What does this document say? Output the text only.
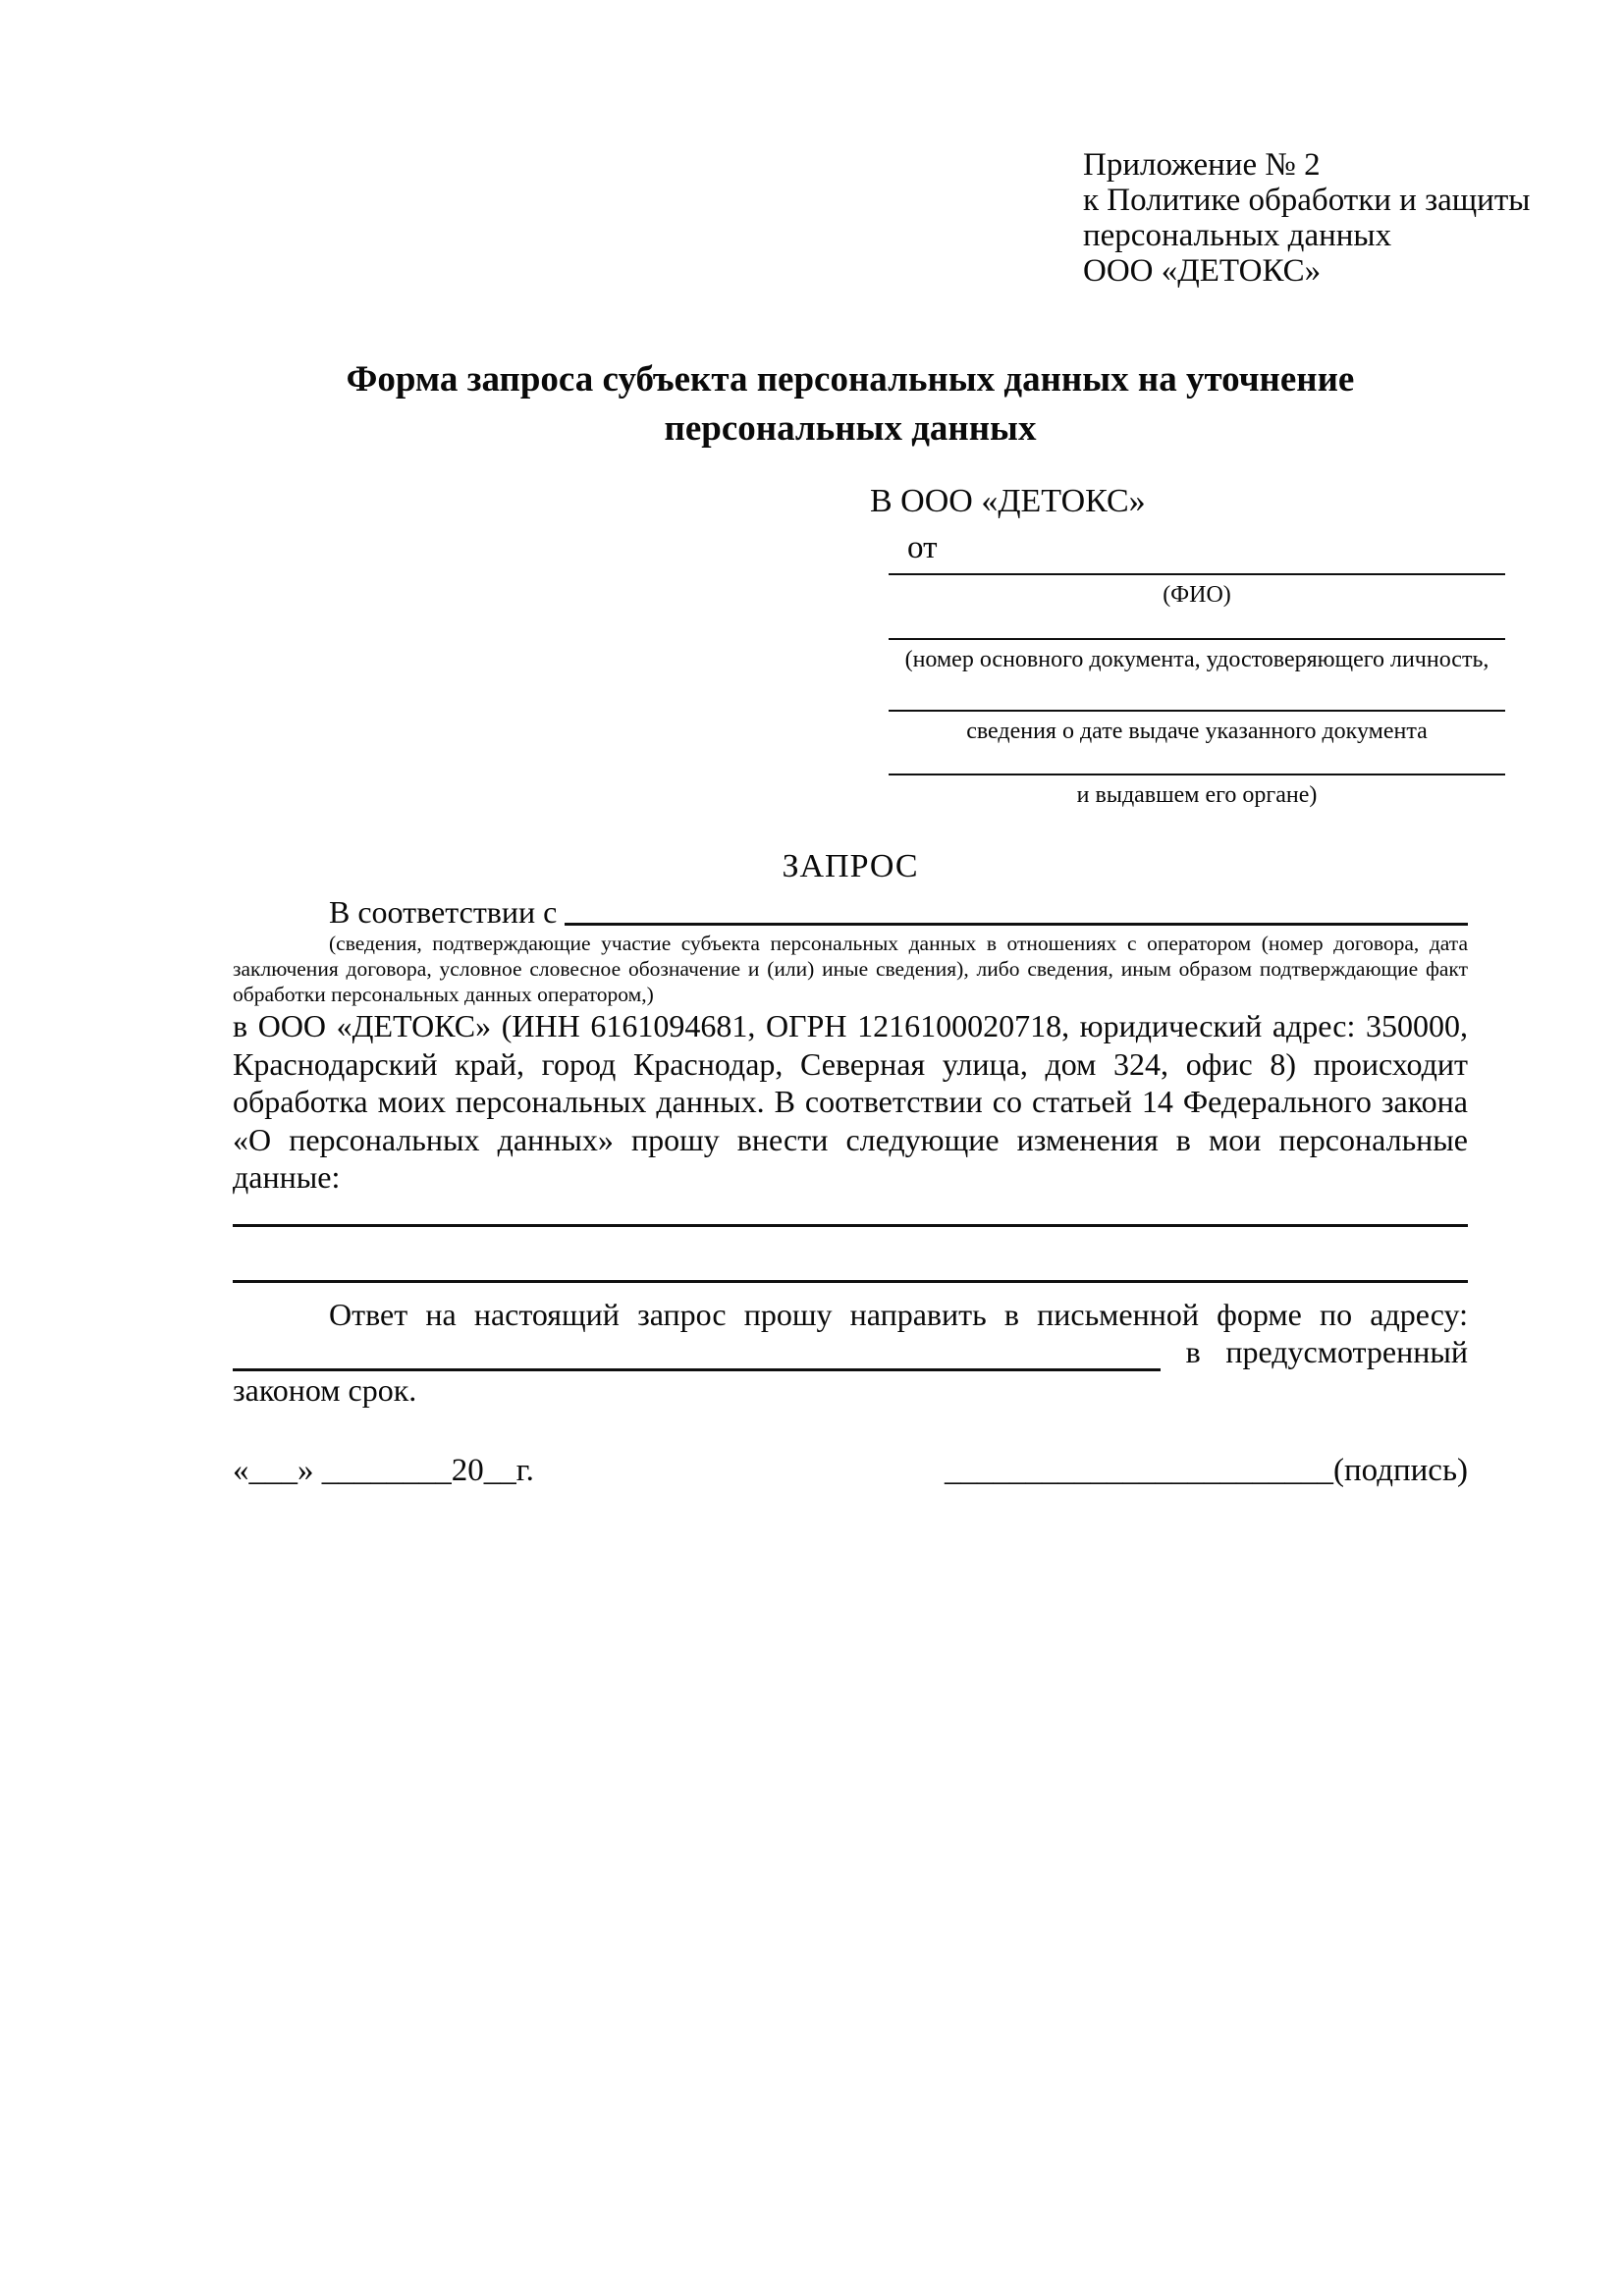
Приложение № 2
к Политике обработки и защиты
персональных данных
ООО «ДЕТОКС»
Форма запроса субъекта персональных данных на уточнение
персональных данных
В ООО «ДЕТОКС»
от
(ФИО)
(номер основного документа, удостоверяющего личность,
сведения о дате выдаче указанного документа
и выдавшем его органе)
ЗАПРОС
В соответствии с
(сведения, подтверждающие участие субъекта персональных данных в отношениях с оператором (номер договора, дата
заключения договора, условное словесное обозначение и (или) иные сведения), либо сведения, иным образом подтверждающие факт
обработки персональных данных оператором,)
в ООО «ДЕТОКС» (ИНН 6161094681, ОГРН 1216100020718, юридический адрес: 350000,
Краснодарский край, город Краснодар, Северная улица, дом 324, офис 8) происходит
обработка моих персональных данных. В соответствии со статьей 14 Федерального закона
«О персональных данных» прошу внести следующие изменения в мои персональные
данные:
Ответ на настоящий запрос прошу направить в письменной форме по адресу:
в предусмотренный
законом срок.
«___» ________20__г.	________________________(подпись)
